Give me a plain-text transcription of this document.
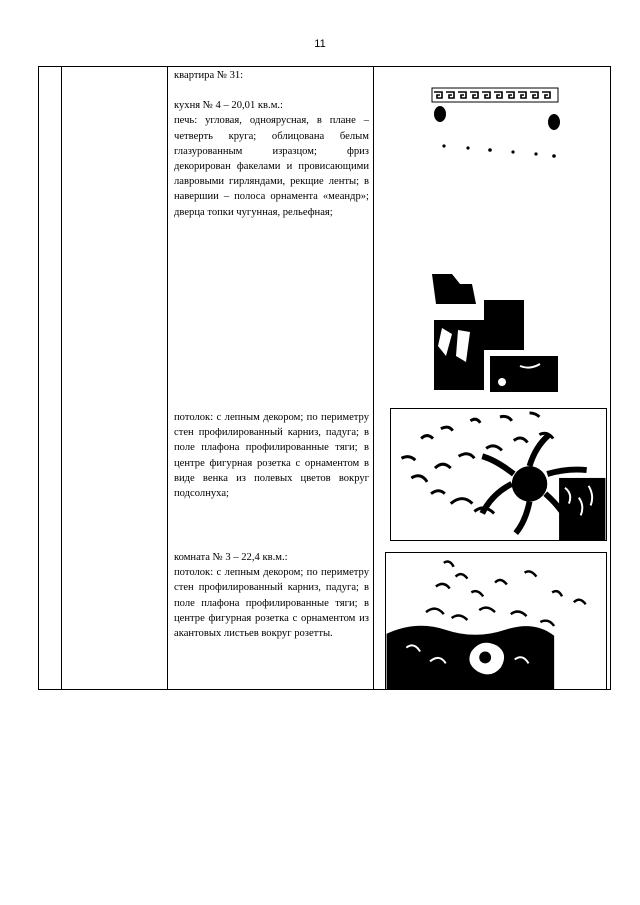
11

квартира № 31:

кухня № 4 – 20,01 кв.м.:

печь: угловая, одноярусная, в плане – четверть круга; облицована белым глазурованным изразцом; фриз декорирован факелами и провисающими лавровыми гирляндами, рекщие ленты; в навершии – полоса орнамента «меандр»; дверца топки чугунная, рельефная;

потолок: с лепным декором; по периметру стен профилированный карниз, падуга; в поле плафона профилированные тяги; в центре фигурная розетка с орнаментом в виде венка из полевых цветов вокруг подсолнуха;

комната № 3 – 22,4 кв.м.:

потолок: с лепным декором; по периметру стен профилированный карниз, падуга; в поле плафона профилированные тяги; в центре фигурная розетка с орнаментом из акантовых листьев вокруг розетты.
